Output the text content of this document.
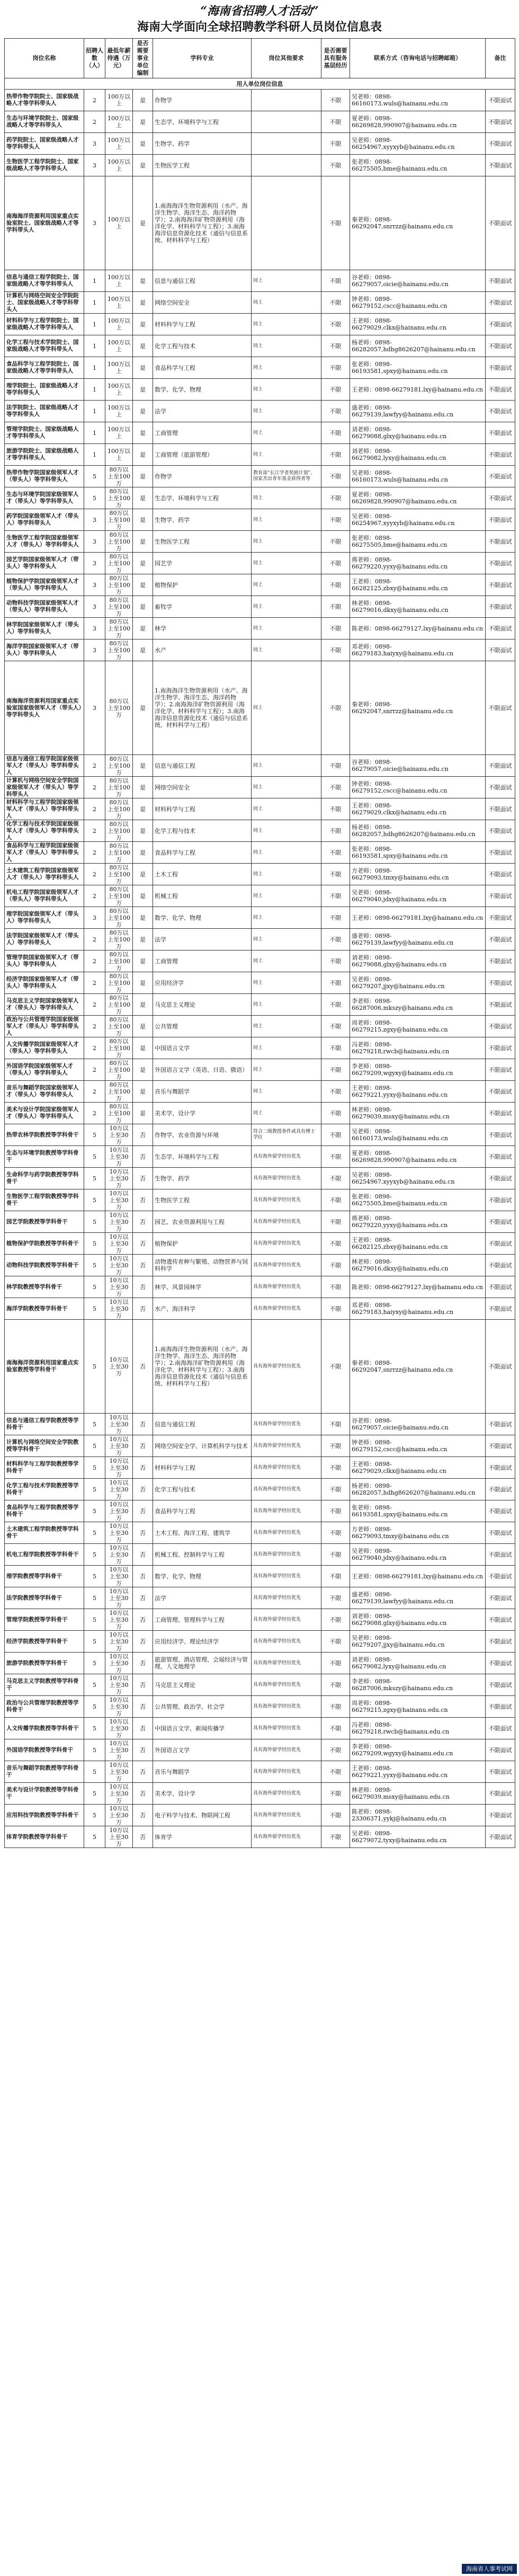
“海南省招聘人才活动”
海南大学面向全球招聘教学科研人员岗位信息表
岗位名称	招聘人数（人）	最低年薪待遇（万元）	是否需要事业单位编制	学科专业	岗位其他要求	是否需要具有服务基层经历	联系方式（咨询电话与招聘邮箱）	备注
用人单位岗位信息								
热带作物学院院士、国家级战略人才等学科带头人	2	100万以上	是	作物学		不限	吴老师：0898-66160173,wuls@hainanu.edu.cn	不限面试
生态与环境学院院士、国家级战略人才等学科带头人	2	100万以上	是	生态学、环境科学与工程		不限	夏老师：0898-66269828,990907@hainanu.edu.cn	不限面试
药学院院士、国家级战略人才等学科带头人	3	100万以上	是	生物学、药学		不限	吴老师：0898-66254967,xyyxyb@hainanu.edu.cn	不限面试
生物医学工程学院院士、国家级战略人才等学科带头人	3	100万以上	是	生物医学工程		不限	张老师：0898-66275505,bme@hainanu.edu.cn	不限面试
南海海洋资源利用国家重点实验室院士、国家级战略人才等学科带头人	3	100万以上	是	1.南海海洋生物资源利用（水产、海洋生物学、海洋生态、海洋药物学）；2.南海海洋矿物资源利用（海洋化学、材料科学与工程）；3.南海海洋信息资源化技术（通信与信息系统、材料科学与工程）		不限	秦老师：0898-66292047,snrrzz@hainanu.edu.cn	不限面试
信息与通信工程学院院士、国家级战略人才等学科带头人	1	100万以上	是	信息与通信工程	同上	不限	谷老师：0898-66279057,oicie@hainanu.edu.cn	不限面试
计算机与网络空间安全学院院士、国家级战略人才等学科带头人	1	100万以上	是	网络空间安全	同上	不限	钟老师：0898-66279152,cscc@hainanu.edu.cn	不限面试
材料科学与工程学院院士、国家级战略人才等学科带头人	1	100万以上	是	材料科学与工程	同上	不限	王老师：0898-66279029,clkx@hainanu.edu.cn	不限面试
化学工程与技术学院院士、国家级战略人才等学科带头人	1	100万以上	是	化学工程与技术	同上	不限	杨老师：0898-66282057,hdhg8626207@hainanu.edu.cn	不限面试
食品科学与工程学院院士、国家级战略人才等学科带头人	1	100万以上	是	食品科学与工程	同上	不限	张老师：0898-66193581,spxy@hainanu.edu.cn	不限面试
理学院院士、国家级战略人才等学科带头人	1	100万以上	是	数学、化学、物理	同上	不限	王老师：0898-66279181,lxy@hainanu.edu.cn	不限面试
法学院院士、国家级战略人才等学科带头人	1	100万以上	是	法学	同上	不限	盛老师：0898-66279139,lawfyy@hainanu.edu.cn	不限面试
管理学院院士、国家级战略人才等学科带头人	1	100万以上	是	工商管理	同上	不限	刘老师：0898-66279088,glxy@hainanu.edu.cn	不限面试
旅游学院院士、国家级战略人才等学科带头人	1	100万以上	是	工商管理（旅游管理）	同上	不限	刘老师：0898-66279082,lyxy@hainanu.edu.cn	不限面试
热带作物学院国家级领军人才（带头人）等学科带头人	5	80万以上至100万	是	作物学	教育部“长江学者奖励计划”、国家杰出青年基金获得者等	不限	吴老师：0898-66160173,wuls@hainanu.edu.cn	不限面试
生态与环境学院国家级领军人才（带头人）等学科带头人	5	80万以上至100万	是	生态学、环境科学与工程	同上	不限	夏老师：0898-66269828,990907@hainanu.edu.cn	不限面试
药学院国家级领军人才（带头人）等学科带头人	3	80万以上至100万	是	生物学、药学	同上	不限	吴老师：0898-66254967,xyyxyb@hainanu.edu.cn	不限面试
生物医学工程学院国家级领军人才（带头人）等学科带头人	3	80万以上至100万	是	生物医学工程	同上	不限	张老师：0898-66275505,bme@hainanu.edu.cn	不限面试
园艺学院国家级领军人才（带头人）等学科带头人	3	80万以上至100万	是	园艺学	同上	不限	蒋老师：0898-66279220,yyxy@hainanu.edu.cn	不限面试
植物保护学院国家级领军人才（带头人）等学科带头人	3	80万以上至100万	是	植物保护	同上	不限	王老师：0898-66282125,zbxy@hainanu.edu.cn	不限面试
动物科技学院国家级领军人才（带头人）等学科带头人	3	80万以上至100万	是	畜牧学	同上	不限	林老师：0898-66279016,dkxy@hainanu.edu.cn	不限面试
林学院国家级领军人才（带头人）等学科带头人	3	80万以上至100万	是	林学	同上	不限	陈老师：0898-66279127,lxy@hainanu.edu.cn	不限面试
海洋学院国家级领军人才（带头人）等学科带头人	3	80万以上至100万	是	水产	同上	不限	邓老师：0898-66279183,haiyxy@hainanu.edu.cn	不限面试
南海海洋资源利用国家重点实验室国家级领军人才（带头人）等学科带头人	3	80万以上至100万	是	1.南海海洋生物资源利用（水产、海洋生物学、海洋生态、海洋药物学）；2.南海海洋矿物资源利用（海洋化学、材料科学与工程）；3.南海海洋信息资源化技术（通信与信息系统、材料科学与工程）	同上	不限	秦老师：0898-66292047,snrrzz@hainanu.edu.cn	不限面试
信息与通信工程学院国家级领军人才（带头人）等学科带头人	2	80万以上至100万	是	信息与通信工程	同上	不限	谷老师：0898-66279057,oicie@hainanu.edu.cn	不限面试
计算机与网络空间安全学院国家级领军人才（带头人）等学科带头人	2	80万以上至100万	是	网络空间安全	同上	不限	钟老师：0898-66279152,cscc@hainanu.edu.cn	不限面试
材料科学与工程学院国家级领军人才（带头人）等学科带头人	2	80万以上至100万	是	材料科学与工程	同上	不限	王老师：0898-66279029,clkx@hainanu.edu.cn	不限面试
化学工程与技术学院国家级领军人才（带头人）等学科带头人	2	80万以上至100万	是	化学工程与技术	同上	不限	杨老师：0898-66282057,hdhg8626207@hainanu.edu.cn	不限面试
食品科学与工程学院国家级领军人才（带头人）等学科带头人	2	80万以上至100万	是	食品科学与工程	同上	不限	张老师：0898-66193581,spxy@hainanu.edu.cn	不限面试
土木建筑工程学院国家级领军人才（带头人）等学科带头人	2	80万以上至100万	是	土木工程	同上	不限	方老师：0898-66279093,tmxy@hainanu.edu.cn	不限面试
机电工程学院国家级领军人才（带头人）等学科带头人	2	80万以上至100万	是	机械工程	同上	不限	吴老师：0898-66279040,jdxy@hainanu.edu.cn	不限面试
理学院国家级领军人才（带头人）等学科带头人	3	80万以上至100万	是	数学、化学、物理	同上	不限	王老师：0898-66279181,lxy@hainanu.edu.cn	不限面试
法学院国家级领军人才（带头人）等学科带头人	2	80万以上至100万	是	法学	同上	不限	盛老师：0898-66279139,lawfyy@hainanu.edu.cn	不限面试
管理学院国家级领军人才（带头人）等学科带头人	2	80万以上至100万	是	工商管理	同上	不限	刘老师：0898-66279088,glxy@hainanu.edu.cn	不限面试
经济学院国家级领军人才（带头人）等学科带头人	2	80万以上至100万	是	应用经济学	同上	不限	吴老师：0898-66279207,jjxy@hainanu.edu.cn	不限面试
马克思主义学院国家级领军人才（带头人）等学科带头人	2	80万以上至100万	是	马克思主义理论	同上	不限	李老师：0898-66287006,mkszy@hainanu.edu.cn	不限面试
政治与公共管理学院国家级领军人才（带头人）等学科带头人	2	80万以上至100万	是	公共管理	同上	不限	周老师：0898-66279215,zgxy@hainanu.edu.cn	不限面试
人文传播学院国家级领军人才（带头人）等学科带头人	2	80万以上至100万	是	中国语言文学	同上	不限	冯老师：0898-66279218,rwcb@hainanu.edu.cn	不限面试
外国语学院国家级领军人才（带头人）等学科带头人	2	80万以上至100万	是	外国语言文学（英语、日语、俄语）	同上	不限	李老师：0898-66279209,wgyxy@hainanu.edu.cn	不限面试
音乐与舞蹈学院国家级领军人才（带头人）等学科带头人	2	80万以上至100万	是	音乐与舞蹈学	同上	不限	王老师：0898-66279221,yyxy@hainanu.edu.cn	不限面试
美术与设计学院国家级领军人才（带头人）等学科带头人	2	80万以上至100万	是	美术学、设计学	同上	不限	林老师：0898-66279039,msxy@hainanu.edu.cn	不限面试
热带农林学院教授等学科骨干	5	10万以上至30万	否	作物学、农业资源与环境	符合二级教授条件或具有博士学位	不限	吴老师：0898-66160173,wuls@hainanu.edu.cn	不限面试
生态与环境学院教授等学科骨干	5	10万以上至30万	否	生态学、环境科学与工程	具有海外留学经历优先	不限	夏老师：0898-66269828,990907@hainanu.edu.cn	不限面试
生命科学与药学院教授等学科骨干	5	10万以上至30万	否	生物学、药学	具有海外留学经历优先	不限	吴老师：0898-66254967,xyyxyb@hainanu.edu.cn	不限面试
生物医学工程学院教授等学科骨干	5	10万以上至30万	否	生物医学工程	具有海外留学经历优先	不限	张老师：0898-66275505,bme@hainanu.edu.cn	不限面试
园艺学院教授等学科骨干	5	10万以上至30万	否	园艺、农业资源利用与工程	具有海外留学经历优先	不限	蒋老师：0898-66279220,yyxy@hainanu.edu.cn	不限面试
植物保护学院教授等学科骨干	5	10万以上至30万	否	植物保护	具有海外留学经历优先	不限	王老师：0898-66282125,zbxy@hainanu.edu.cn	不限面试
动物科技学院教授等学科骨干	5	10万以上至30万	否	动物遗传育种与繁殖、动物营养与饲料科学	具有海外留学经历优先	不限	林老师：0898-66279016,dkxy@hainanu.edu.cn	不限面试
林学院教授等学科骨干	5	10万以上至30万	否	林学、风景园林学	具有海外留学经历优先	不限	陈老师：0898-66279127,lxy@hainanu.edu.cn	不限面试
海洋学院教授等学科骨干	5	10万以上至30万	否	水产、海洋科学	具有海外留学经历优先	不限	邓老师：0898-66279183,haiyxy@hainanu.edu.cn	不限面试
南海海洋资源利用国家重点实验室教授等学科骨干	5	10万以上至30万	否	1.南海海洋生物资源利用（水产、海洋生物学、海洋生态、海洋药物学）；2.南海海洋矿物资源利用（海洋化学、材料科学与工程）；3.南海海洋信息资源化技术（通信与信息系统、材料科学与工程）	具有海外留学经历优先	不限	秦老师：0898-66292047,snrrzz@hainanu.edu.cn	不限面试
信息与通信工程学院教授等学科骨干	5	10万以上至30万	否	信息与通信工程	具有海外留学经历优先	不限	谷老师：0898-66279057,oicie@hainanu.edu.cn	不限面试
计算机与网络空间安全学院教授等学科骨干	5	10万以上至30万	否	网络空间安全学、计算机科学与技术	具有海外留学经历优先	不限	钟老师：0898-66279152,cscc@hainanu.edu.cn	不限面试
材料科学与工程学院教授等学科骨干	5	10万以上至30万	否	材料科学与工程	具有海外留学经历优先	不限	王老师：0898-66279029,clkx@hainanu.edu.cn	不限面试
化学工程与技术学院教授等学科骨干	5	10万以上至30万	否	化学工程与技术	具有海外留学经历优先	不限	杨老师：0898-66282057,hdhg8626207@hainanu.edu.cn	不限面试
食品科学与工程学院教授等学科骨干	5	10万以上至30万	否	食品科学与工程	具有海外留学经历优先	不限	张老师：0898-66193581,spxy@hainanu.edu.cn	不限面试
土木建筑工程学院教授等学科骨干	5	10万以上至30万	否	土木工程、海洋工程、建筑学	具有海外留学经历优先	不限	方老师：0898-66279093,tmxy@hainanu.edu.cn	不限面试
机电工程学院教授等学科骨干	5	10万以上至30万	否	机械工程、控制科学与工程	具有海外留学经历优先	不限	吴老师：0898-66279040,jdxy@hainanu.edu.cn	不限面试
理学院教授等学科骨干	5	10万以上至30万	否	数学、化学、物理	具有海外留学经历优先	不限	王老师：0898-66279181,lxy@hainanu.edu.cn	不限面试
法学院教授等学科骨干	5	10万以上至30万	否	法学	具有海外留学经历优先	不限	盛老师：0898-66279139,lawfyy@hainanu.edu.cn	不限面试
管理学院教授等学科骨干	5	10万以上至30万	否	工商管理、管理科学与工程	具有海外留学经历优先	不限	刘老师：0898-66279088,glxy@hainanu.edu.cn	不限面试
经济学院教授等学科骨干	5	10万以上至30万	否	应用经济学、理论经济学	具有海外留学经历优先	不限	吴老师：0898-66279207,jjxy@hainanu.edu.cn	不限面试
旅游学院教授等学科骨干	5	10万以上至30万	否	旅游管理、酒店管理、会展经济与管理、人文地理学	具有海外留学经历优先	不限	刘老师：0898-66279082,lyxy@hainanu.edu.cn	不限面试
马克思主义学院教授等学科骨干	5	10万以上至30万	否	马克思主义理论	具有海外留学经历优先	不限	李老师：0898-66287006,mkszy@hainanu.edu.cn	不限面试
政治与公共管理学院教授等学科骨干	5	10万以上至30万	否	公共管理、政治学、社会学	具有海外留学经历优先	不限	周老师：0898-66279215,zgxy@hainanu.edu.cn	不限面试
人文传播学院教授等学科骨干	5	10万以上至30万	否	中国语言文学、新闻传播学	具有海外留学经历优先	不限	冯老师：0898-66279218,rwcb@hainanu.edu.cn	不限面试
外国语学院教授等学科骨干	5	10万以上至30万	否	外国语言文学	具有海外留学经历优先	不限	李老师：0898-66279209,wgyxy@hainanu.edu.cn	不限面试
音乐与舞蹈学院教授等学科骨干	5	10万以上至30万	否	音乐与舞蹈学	具有海外留学经历优先	不限	王老师：0898-66279221,yyxy@hainanu.edu.cn	不限面试
美术与设计学院教授等学科骨干	5	10万以上至30万	否	美术学、设计学	具有海外留学经历优先	不限	林老师：0898-66279039,msxy@hainanu.edu.cn	不限面试
应用科技学院教授等学科骨干	5	10万以上至30万	否	电子科学与技术、物联网工程	具有海外留学经历优先	不限	陈老师：0898-23306371,yykj@hainanu.edu.cn	不限面试
体育学院教授等学科骨干	5	10万以上至30万	否	体育学	具有海外留学经历优先	不限	吴老师：0898-66279072,tyxy@hainanu.edu.cn	不限面试
海南省人事考试网
